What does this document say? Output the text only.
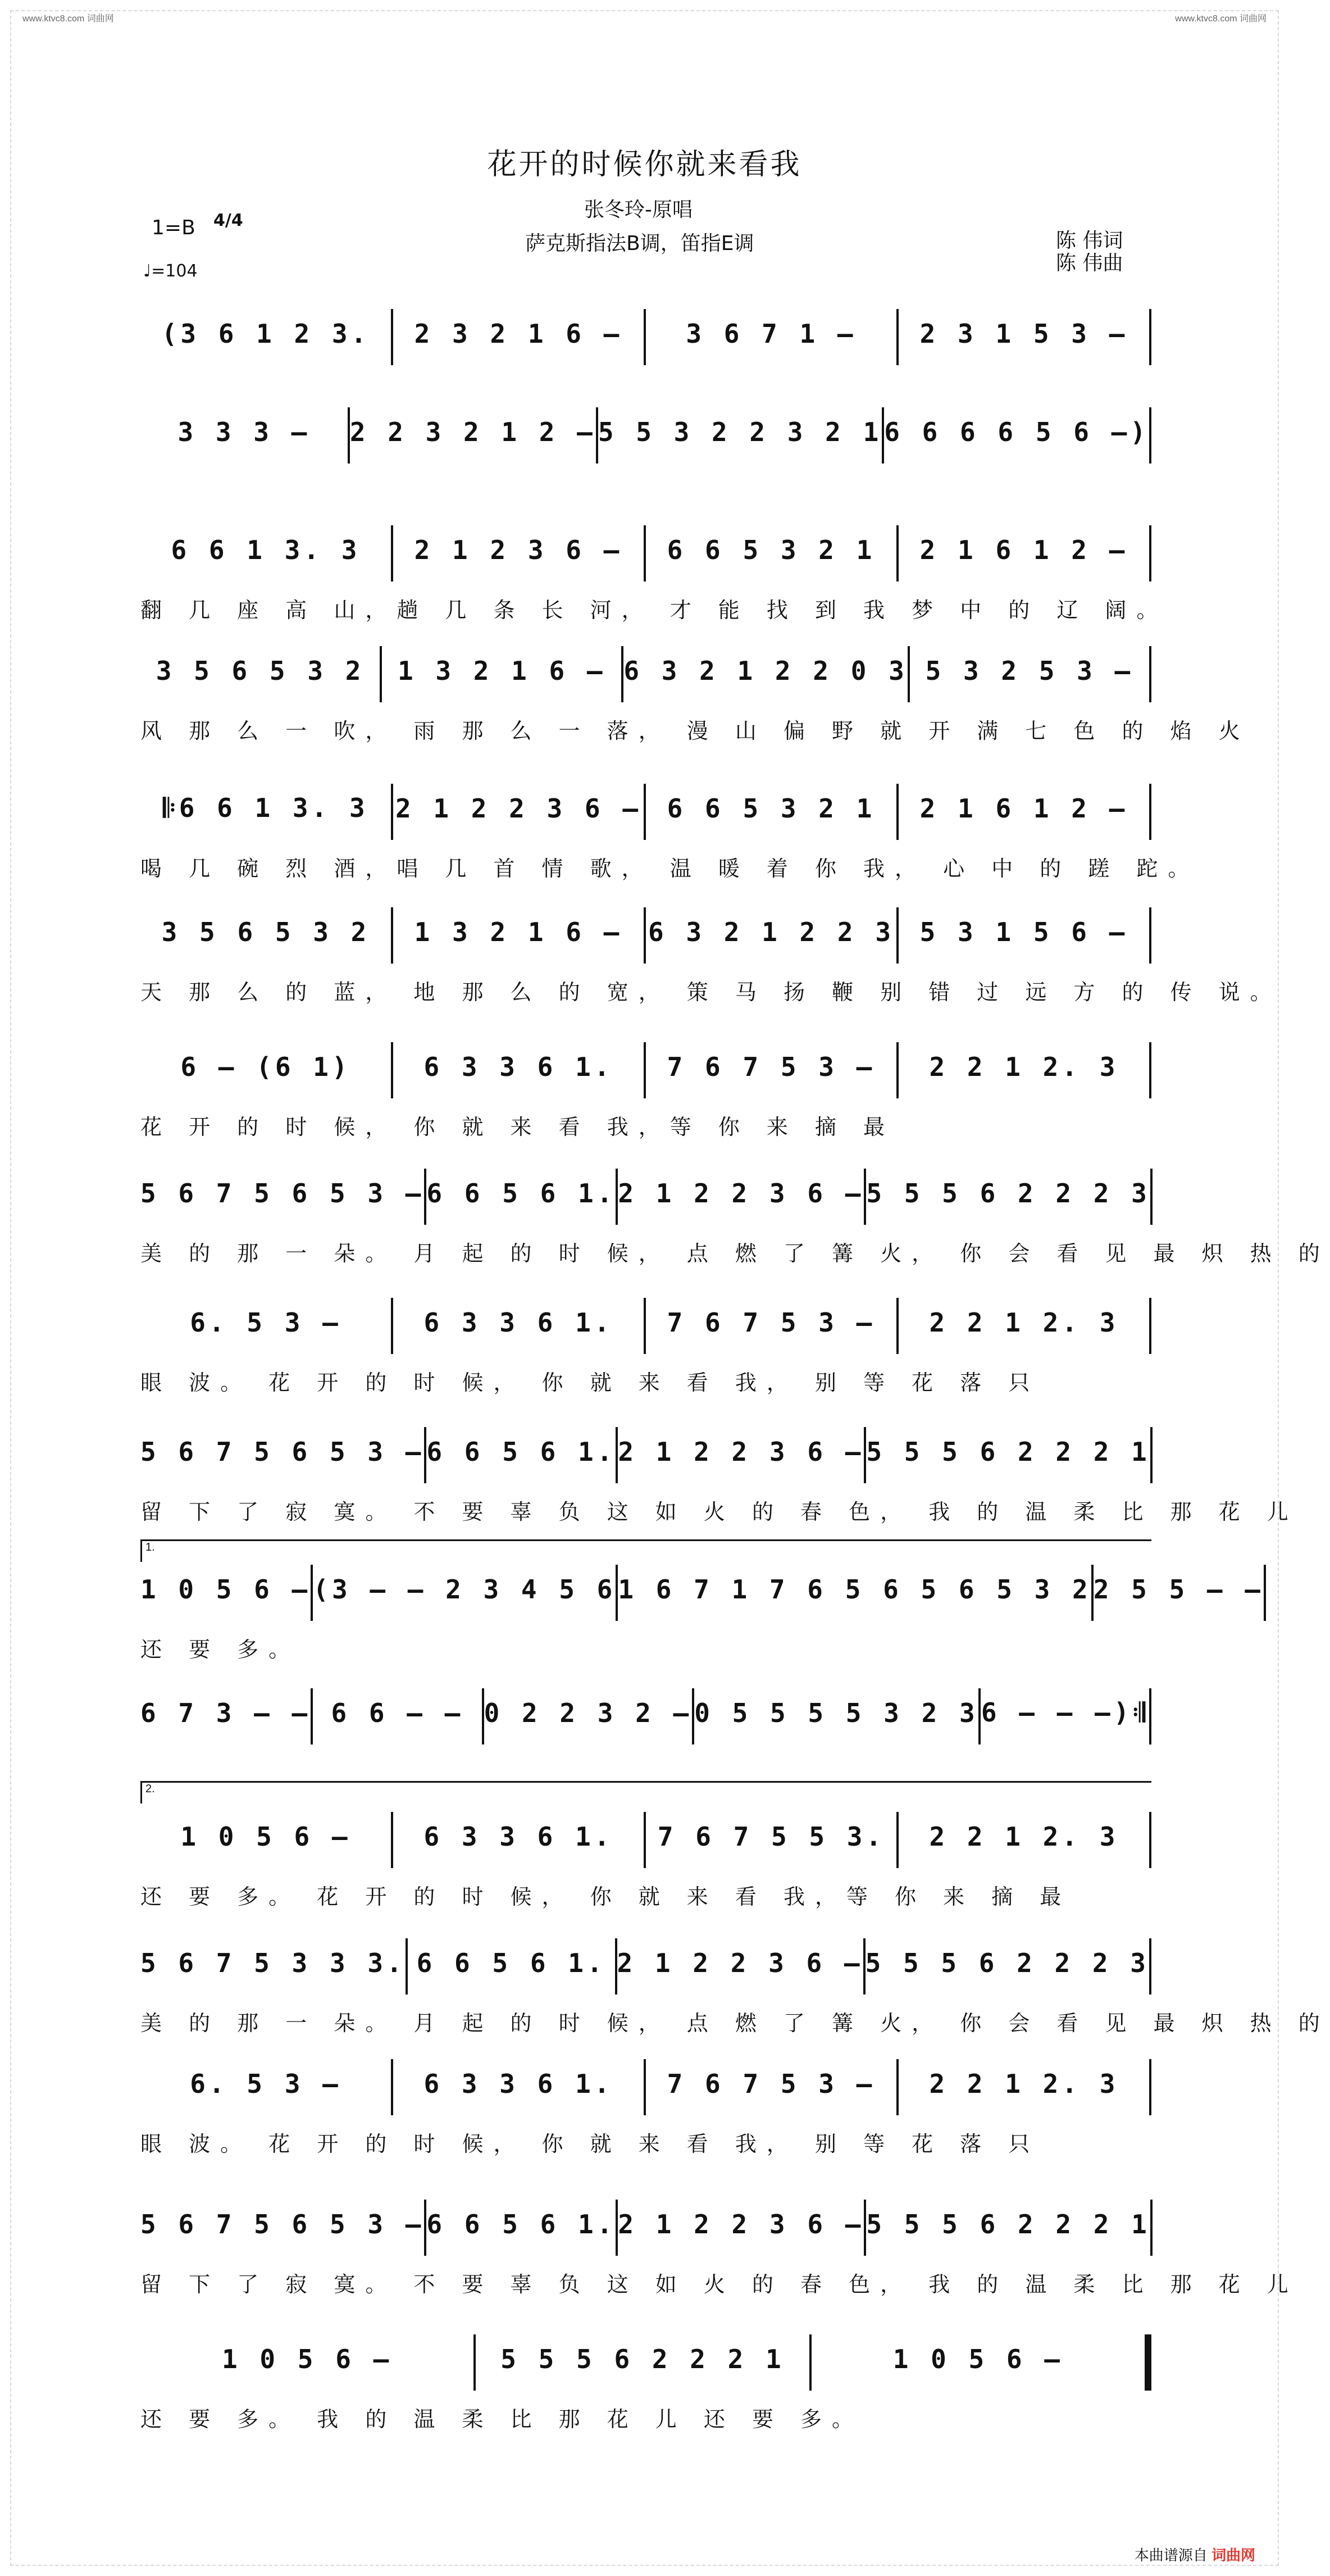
www.ktvc8.com 词曲网	www.ktvc8.com 词曲网
花开的时候你就来看我
1=B 4/4
♩=104
张冬玲-原唱
萨克斯指法B调，笛指E调	陈 伟词
陈 伟曲
(3 6 1 2 3. 2 3 2 1 6 – 3 6 7 1 – 2 3 1 5 3 –
3 3 3 – 2 2 3 2 1 2 – 5 5 3 2 2 3 2 1 6 6 6 6 5 6 –)
6 6 1 3. 3 2 1 2 3 6 – 6 6 5 3 2 1 2 1 6 1 2 –
翻 几 座 高 山，趟 几 条 长 河， 才 能 找 到 我 梦 中 的 辽 阔。
3 5 6 5 3 2 1 3 2 1 6 – 6 3 2 1 2 2 0 3 5 3 2 5 3 –
风 那 么 一 吹， 雨 那 么 一 落， 漫 山 偏 野 就 开 满 七 色 的 焰 火
𝄆6 6 1 3. 3 2 1 2 2 3 6 – 6 6 5 3 2 1 2 1 6 1 2 –
喝 几 碗 烈 酒，唱 几 首 情 歌， 温 暖 着 你 我， 心 中 的 蹉 跎。
3 5 6 5 3 2 1 3 2 1 6 – 6 3 2 1 2 2 3 5 3 1 5 6 –
天 那 么 的 蓝， 地 那 么 的 宽， 策 马 扬 鞭 别 错 过 远 方 的 传 说。
6 – (6 1)	6 3 3 6 1. 7 6 7 5 3 – 2 2 1 2. 3
花 开 的 时 候， 你 就 来 看 我，等 你 来 摘 最
5 6 7 5 6 5 3 – 6 6 5 6 1. 2 1 2 2 3 6 – 5 5 5 6 2 2 2 3
美 的 那 一 朵。 月 起 的 时 候， 点 燃 了 篝 火， 你 会 看 见 最 炽 热 的
6. 5 3 –	6 3 3 6 1. 7 6 7 5 3 – 2 2 1 2. 3
眼 波。 花 开 的 时 候， 你 就 来 看 我， 别 等 花 落 只
5 6 7 5 6 5 3 – 6 6 5 6 1. 2 1 2 2 3 6 – 5 5 5 6 2 2 2 1
留 下 了 寂 寞。 不 要 辜 负 这 如 火 的 春 色， 我 的 温 柔 比 那 花 儿
1 0 5 6 – (3 – – 2 3 4 5 6 1 6 7 1 7 6 5 6 5 6 5 3 2 2 5 5 – –
还 要 多。
6 7 3 – – 6 6 – – 0 2 2 3 2 – 0 5 5 5 5 3 2 3 6 – – –)𝄇
1 0 5 6 –	6 3 3 6 1. 7 6 7 5 5 3. 2 2 1 2. 3
还 要 多。 花 开 的 时 候， 你 就 来 看 我，等 你 来 摘 最
5 6 7 5 3 3 3. 6 6 5 6 1. 2 1 2 2 3 6 – 5 5 5 6 2 2 2 3
美 的 那 一 朵。 月 起 的 时 候， 点 燃 了 篝 火， 你 会 看 见 最 炽 热 的
6. 5 3 –	6 3 3 6 1. 7 6 7 5 3 – 2 2 1 2. 3
眼 波。 花 开 的 时 候， 你 就 来 看 我， 别 等 花 落 只
5 6 7 5 6 5 3 – 6 6 5 6 1. 2 1 2 2 3 6 – 5 5 5 6 2 2 2 1
留 下 了 寂 寞。 不 要 辜 负 这 如 火 的 春 色， 我 的 温 柔 比 那 花 儿
1 0 5 6 –	5 5 5 6 2 2 2 1	1 0 5 6 –
还 要 多。 我 的 温 柔 比 那 花 儿 还 要 多。
1.
2.
本曲谱源自 词曲网
